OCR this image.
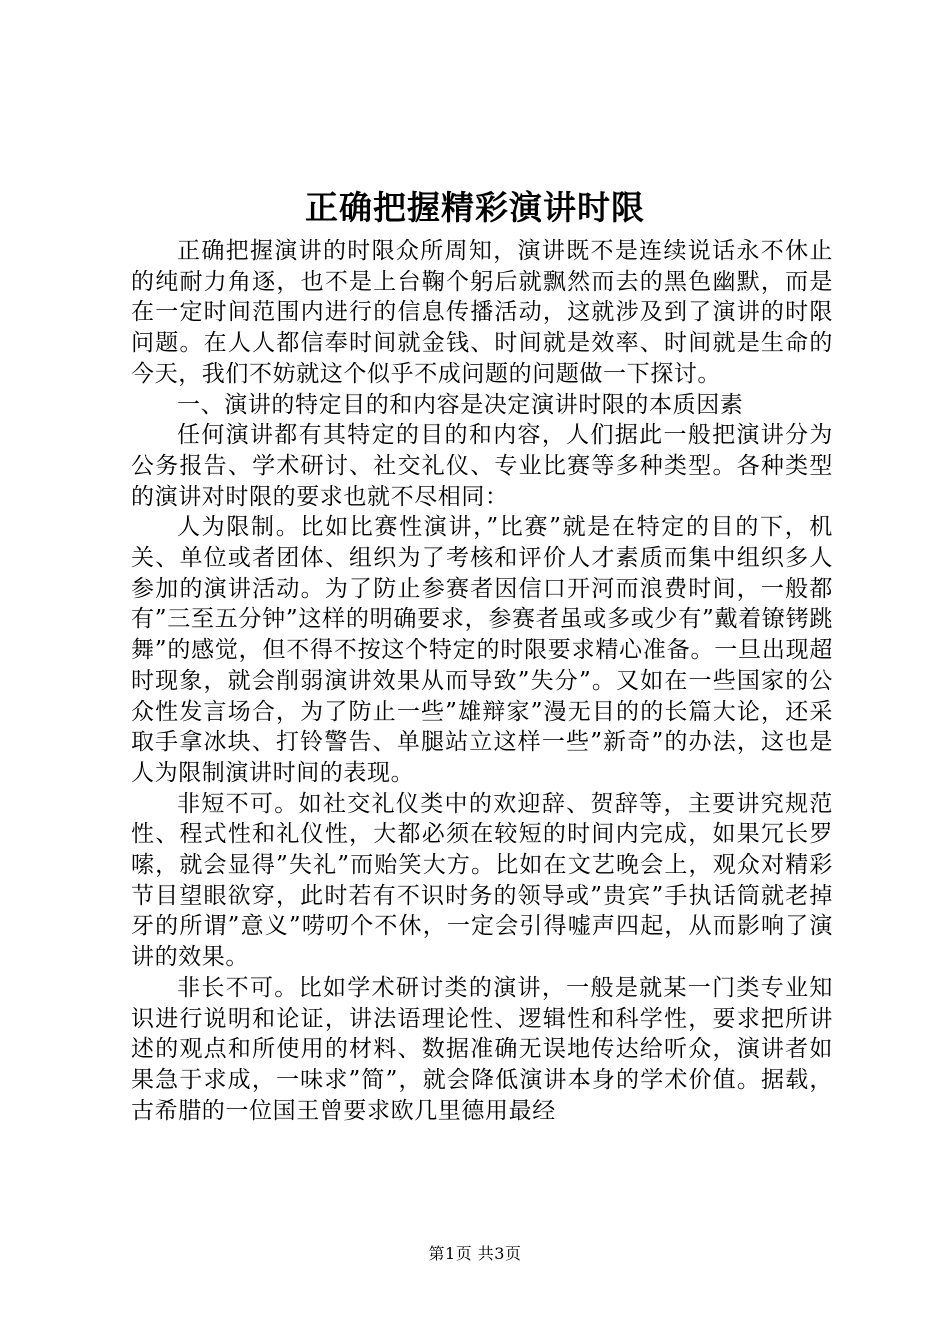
正确把握精彩演讲时限

正确把握演讲的时限众所周知，演讲既不是连续说话永不休止的纯耐力角逐，也不是上台鞠个躬后就飘然而去的黑色幽默，而是在一定时间范围内进行的信息传播活动，这就涉及到了演讲的时限问题。在人人都信奉时间就金钱、时间就是效率、时间就是生命的今天，我们不妨就这个似乎不成问题的问题做一下探讨。

一、演讲的特定目的和内容是决定演讲时限的本质因素

任何演讲都有其特定的目的和内容，人们据此一般把演讲分为公务报告、学术研讨、社交礼仪、专业比赛等多种类型。各种类型的演讲对时限的要求也就不尽相同：

人为限制。比如比赛性演讲，”比赛”就是在特定的目的下，机关、单位或者团体、组织为了考核和评价人才素质而集中组织多人参加的演讲活动。为了防止参赛者因信口开河而浪费时间，一般都有”三至五分钟”这样的明确要求，参赛者虽或多或少有”戴着镣铐跳舞”的感觉，但不得不按这个特定的时限要求精心准备。一旦出现超时现象，就会削弱演讲效果从而导致”失分”。又如在一些国家的公众性发言场合，为了防止一些”雄辩家”漫无目的的长篇大论，还采取手拿冰块、打铃警告、单腿站立这样一些”新奇”的办法，这也是人为限制演讲时间的表现。

非短不可。如社交礼仪类中的欢迎辞、贺辞等，主要讲究规范性、程式性和礼仪性，大都必须在较短的时间内完成，如果冗长罗嗦，就会显得”失礼”而贻笑大方。比如在文艺晚会上，观众对精彩节目望眼欲穿，此时若有不识时务的领导或”贵宾”手执话筒就老掉牙的所谓”意义”唠叨个不休，一定会引得嘘声四起，从而影响了演讲的效果。

非长不可。比如学术研讨类的演讲，一般是就某一门类专业知识进行说明和论证，讲法语理论性、逻辑性和科学性，要求把所讲述的观点和所使用的材料、数据准确无误地传达给听众，演讲者如果急于求成，一味求”简”，就会降低演讲本身的学术价值。据载，古希腊的一位国王曾要求欧几里德用最经

第1页 共3页
